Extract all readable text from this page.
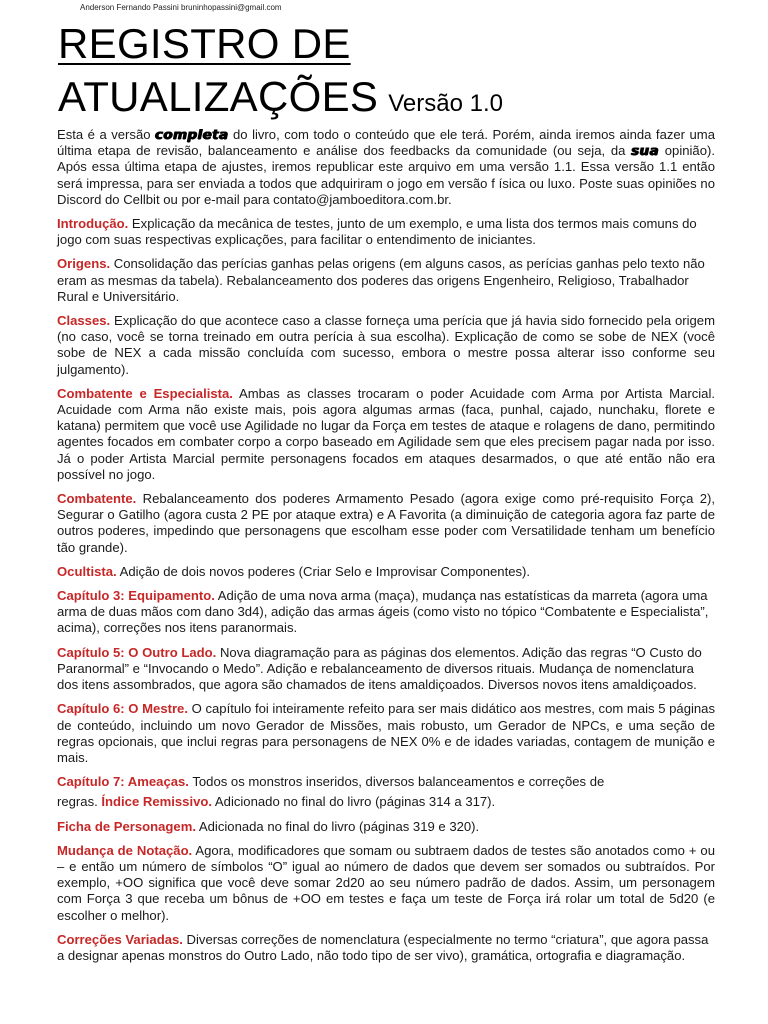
Anderson Fernando Passini bruninhopassini@gmail.com
REGISTRO DE
ATUALIZAÇÕES Versão 1.0

Esta é a versão completa do livro, com todo o conteúdo que ele terá. Porém, ainda iremos ainda fazer uma última etapa de revisão, balanceamento e análise dos feedbacks da comunidade (ou seja, da sua opinião). Após essa última etapa de ajustes, iremos republicar este arquivo em uma versão 1.1. Essa versão 1.1 então será impressa, para ser enviada a todos que adquiriram o jogo em versão f ísica ou luxo. Poste suas opiniões no Discord do Cellbit ou por e-mail para contato@jamboeditora.com.br.

Introdução. Explicação da mecânica de testes, junto de um exemplo, e uma lista dos termos mais comuns do jogo com suas respectivas explicações, para facilitar o entendimento de iniciantes.

Origens. Consolidação das perícias ganhas pelas origens (em alguns casos, as perícias ganhas pelo texto não eram as mesmas da tabela). Rebalanceamento dos poderes das origens Engenheiro, Religioso, Trabalhador Rural e Universitário.

Classes. Explicação do que acontece caso a classe forneça uma perícia que já havia sido fornecido pela origem (no caso, você se torna treinado em outra perícia à sua escolha). Explicação de como se sobe de NEX (você sobe de NEX a cada missão concluída com sucesso, embora o mestre possa alterar isso conforme seu julgamento).

Combatente e Especialista. Ambas as classes trocaram o poder Acuidade com Arma por Artista Marcial. Acuidade com Arma não existe mais, pois agora algumas armas (faca, punhal, cajado, nunchaku, florete e katana) permitem que você use Agilidade no lugar da Força em testes de ataque e rolagens de dano, permitindo agentes focados em combater corpo a corpo baseado em Agilidade sem que eles precisem pagar nada por isso. Já o poder Artista Marcial permite personagens focados em ataques desarmados, o que até então não era possível no jogo.

Combatente. Rebalanceamento dos poderes Armamento Pesado (agora exige como pré-requisito Força 2), Segurar o Gatilho (agora custa 2 PE por ataque extra) e A Favorita (a diminuição de categoria agora faz parte de outros poderes, impedindo que personagens que escolham esse poder com Versatilidade tenham um benefício tão grande).

Ocultista. Adição de dois novos poderes (Criar Selo e Improvisar Componentes).

Capítulo 3: Equipamento. Adição de uma nova arma (maça), mudança nas estatísticas da marreta (agora uma arma de duas mãos com dano 3d4), adição das armas ágeis (como visto no tópico “Combatente e Especialista”, acima), correções nos itens paranormais.

Capítulo 5: O Outro Lado. Nova diagramação para as páginas dos elementos. Adição das regras “O Custo do Paranormal” e “Invocando o Medo”. Adição e rebalanceamento de diversos rituais. Mudança de nomenclatura dos itens assombrados, que agora são chamados de itens amaldiçoados. Diversos novos itens amaldiçoados.

Capítulo 6: O Mestre. O capítulo foi inteiramente refeito para ser mais didático aos mestres, com mais 5 páginas de conteúdo, incluindo um novo Gerador de Missões, mais robusto, um Gerador de NPCs, e uma seção de regras opcionais, que inclui regras para personagens de NEX 0% e de idades variadas, contagem de munição e mais.

Capítulo 7: Ameaças. Todos os monstros inseridos, diversos balanceamentos e correções de

regras. Índice Remissivo. Adicionado no final do livro (páginas 314 a 317).

Ficha de Personagem. Adicionada no final do livro (páginas 319 e 320).

Mudança de Notação. Agora, modificadores que somam ou subtraem dados de testes são anotados como + ou – e então um número de símbolos “O” igual ao número de dados que devem ser somados ou subtraídos. Por exemplo, +OO significa que você deve somar 2d20 ao seu número padrão de dados. Assim, um personagem com Força 3 que receba um bônus de +OO em testes e faça um teste de Força irá rolar um total de 5d20 (e escolher o melhor).

Correções Variadas. Diversas correções de nomenclatura (especialmente no termo “criatura”, que agora passa a designar apenas monstros do Outro Lado, não todo tipo de ser vivo), gramática, ortografia e diagramação.
